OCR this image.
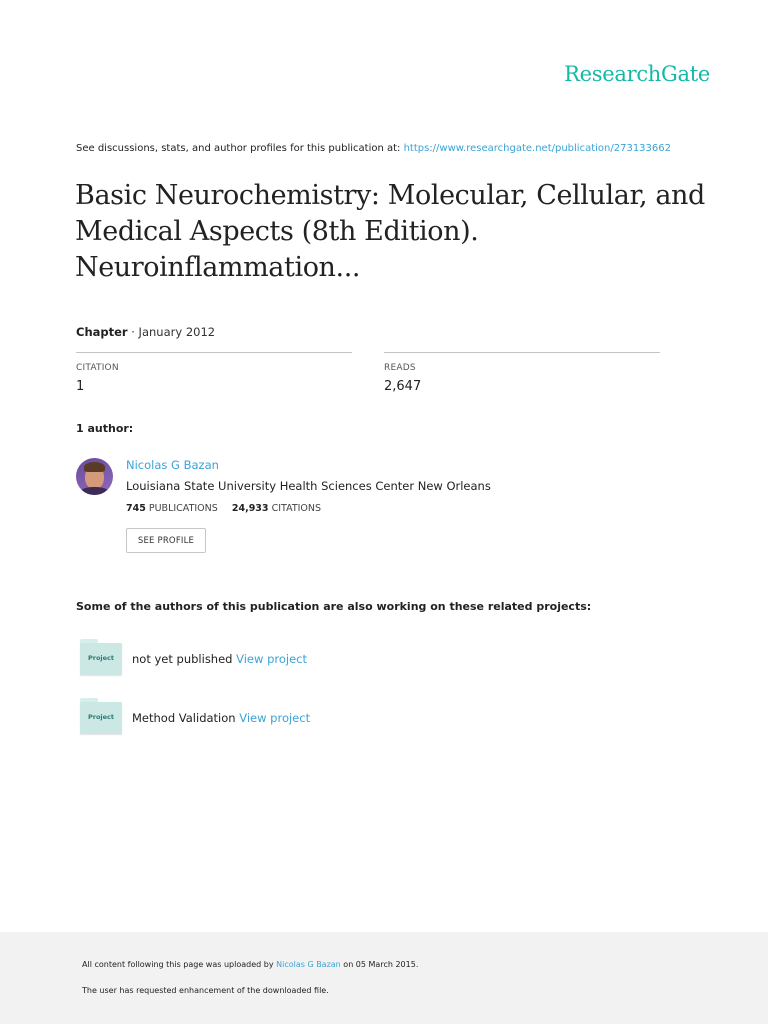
ResearchGate
See discussions, stats, and author profiles for this publication at: https://www.researchgate.net/publication/273133662
Basic Neurochemistry: Molecular, Cellular, and
Medical Aspects (8th Edition).
Neuroinflammation...
Chapter · January 2012
CITATION
1
READS
2,647
1 author:
Nicolas G Bazan
Louisiana State University Health Sciences Center New Orleans
745 PUBLICATIONS 24,933 CITATIONS
SEE PROFILE
Some of the authors of this publication are also working on these related projects:
Project	not yet published View project
Project	Method Validation View project
All content following this page was uploaded by Nicolas G Bazan on 05 March 2015.
The user has requested enhancement of the downloaded file.
